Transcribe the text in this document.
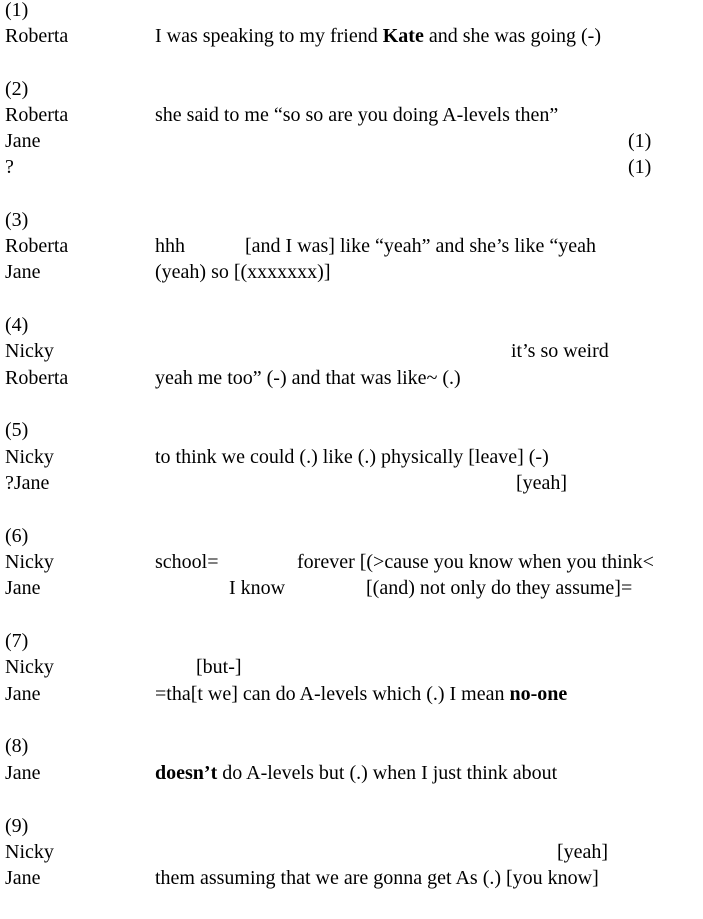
(1)
Roberta	I was speaking to my friend Kate and she was going (-)
(2)
Roberta	she said to me “so so are you doing A-levels then”
Jane	(1)
?	(1)
(3)
Roberta	hhh	[and I was] like “yeah” and she’s like “yeah
Jane	(yeah) so [(xxxxxxx)]
(4)
Nicky	it’s so weird
Roberta	yeah me too” (-) and that was like~ (.)
(5)
Nicky	to think we could (.) like (.) physically [leave] (-)
?Jane	[yeah]
(6)
Nicky	school=	forever [(>cause you know when you think<
Jane	I know	[(and) not only do they assume]=
(7)
Nicky	[but-]
Jane	=tha[t we] can do A-levels which (.) I mean no-one
(8)
Jane	doesn’t do A-levels but (.) when I just think about
(9)
Nicky	[yeah]
Jane	them assuming that we are gonna get As (.) [you know]
